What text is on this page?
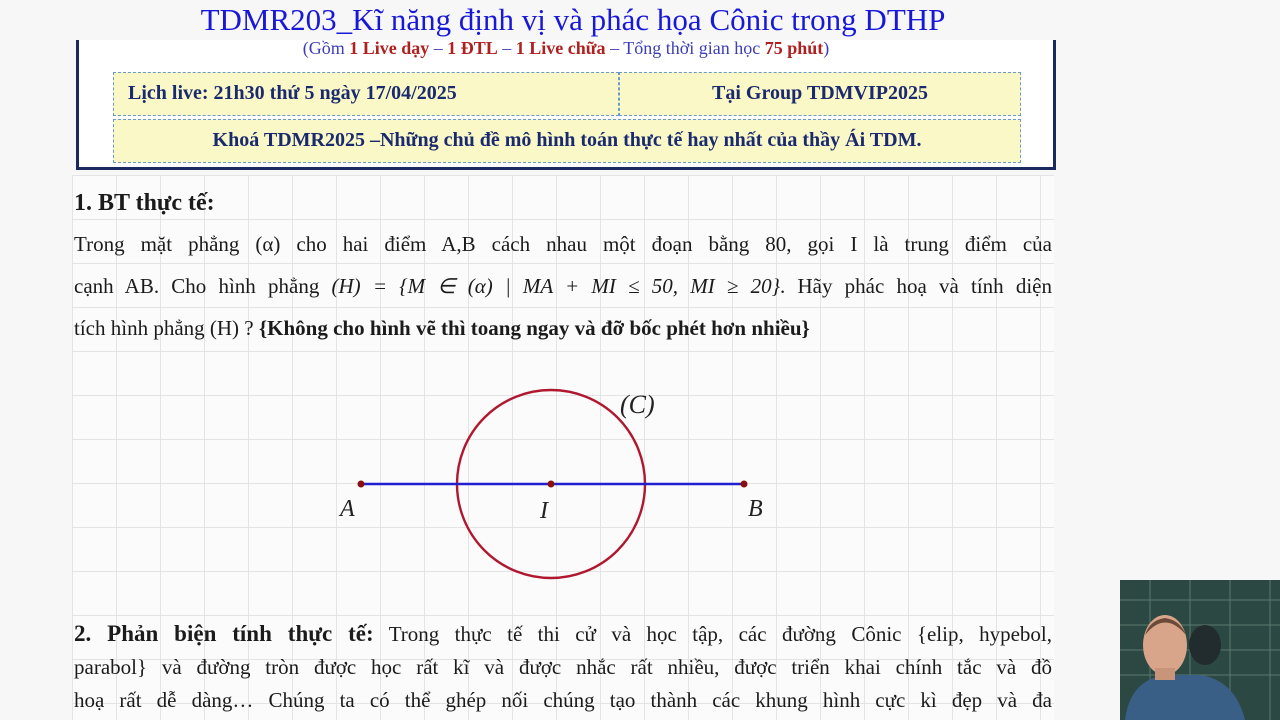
TDMR203_Kĩ năng định vị và phác họa Cônic trong DTHP
(Gồm 1 Live dạy – 1 ĐTL – 1 Live chữa – Tổng thời gian học 75 phút)
Lịch live: 21h30 thứ 5 ngày 17/04/2025	Tại Group TDMVIP2025
Khoá TDMR2025 –Những chủ đề mô hình toán thực tế hay nhất của thầy Ái TDM.
1. BT thực tế:
Trong mặt phẳng (α) cho hai điểm A,B cách nhau một đoạn bằng 80, gọi I là trung điểm của
cạnh AB. Cho hình phẳng (H) = {M ∈ (α) | MA + MI ≤ 50, MI ≥ 20}. Hãy phác hoạ và tính diện
tích hình phẳng (H) ? {Không cho hình vẽ thì toang ngay và đỡ bốc phét hơn nhiều}
(C)
A	I	B
2. Phản biện tính thực tế: Trong thực tế thi cử và học tập, các đường Cônic {elip, hypebol,
parabol} và đường tròn được học rất kĩ và được nhắc rất nhiều, được triển khai chính tắc và đồ
hoạ rất dễ dàng… Chúng ta có thể ghép nối chúng tạo thành các khung hình cực kì đẹp và đa
